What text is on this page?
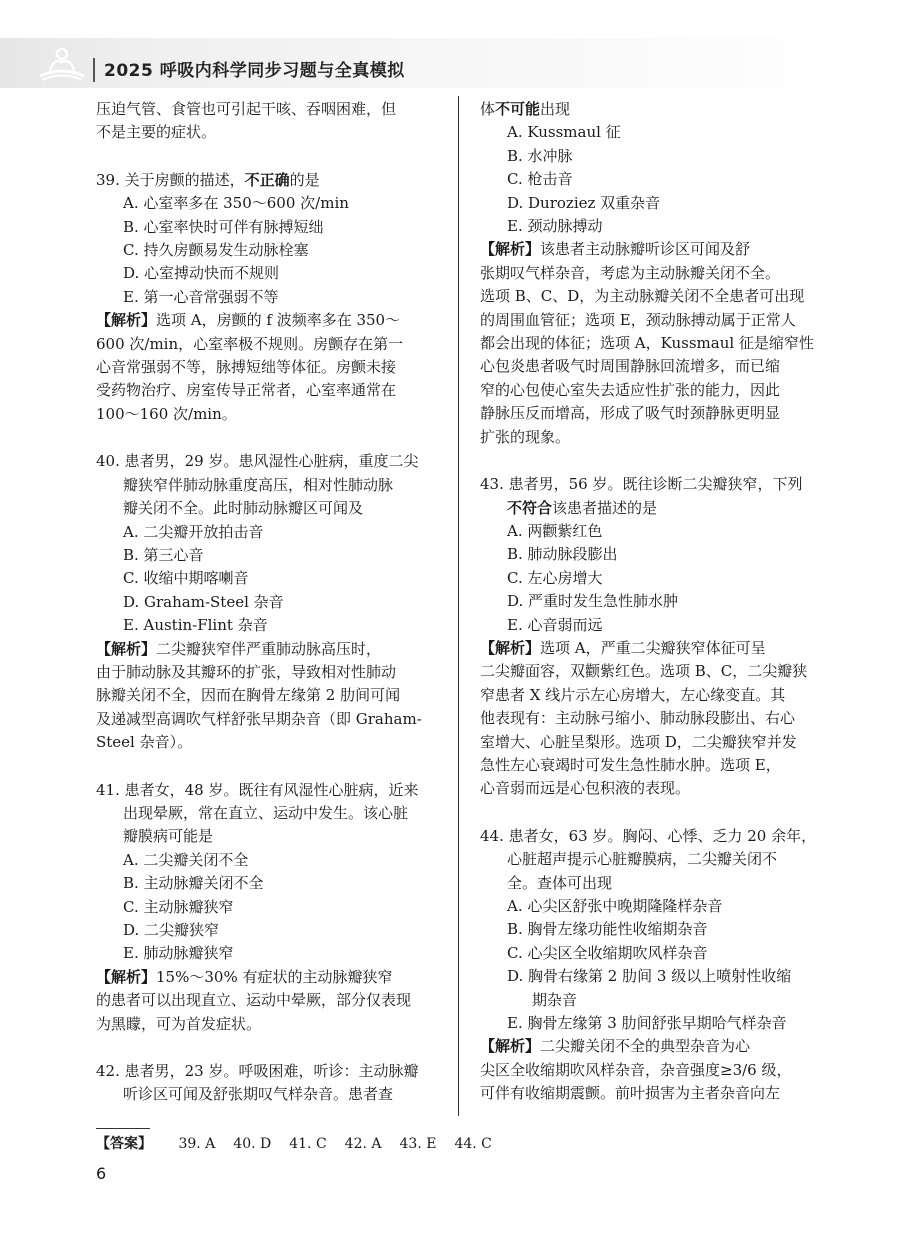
2025 呼吸内科学同步习题与全真模拟
压迫气管、食管也可引起干咳、吞咽困难，但
不是主要的症状。
39. 关于房颤的描述，不正确的是
A. 心室率多在 350～600 次/min
B. 心室率快时可伴有脉搏短绌
C. 持久房颤易发生动脉栓塞
D. 心室搏动快而不规则
E. 第一心音常强弱不等
【解析】选项 A，房颤的 f 波频率多在 350～
600 次/min，心室率极不规则。房颤存在第一
心音常强弱不等，脉搏短绌等体征。房颤未接
受药物治疗、房室传导正常者，心室率通常在
100～160 次/min。
40. 患者男，29 岁。患风湿性心脏病，重度二尖
瓣狭窄伴肺动脉重度高压，相对性肺动脉
瓣关闭不全。此时肺动脉瓣区可闻及
A. 二尖瓣开放拍击音
B. 第三心音
C. 收缩中期喀喇音
D. Graham-Steel 杂音
E. Austin-Flint 杂音
【解析】二尖瓣狭窄伴严重肺动脉高压时，
由于肺动脉及其瓣环的扩张，导致相对性肺动
脉瓣关闭不全，因而在胸骨左缘第 2 肋间可闻
及递减型高调吹气样舒张早期杂音（即 Graham-
Steel 杂音）。
41. 患者女，48 岁。既往有风湿性心脏病，近来
出现晕厥，常在直立、运动中发生。该心脏
瓣膜病可能是
A. 二尖瓣关闭不全
B. 主动脉瓣关闭不全
C. 主动脉瓣狭窄
D. 二尖瓣狭窄
E. 肺动脉瓣狭窄
【解析】15%～30% 有症状的主动脉瓣狭窄
的患者可以出现直立、运动中晕厥，部分仅表现
为黑矇，可为首发症状。
42. 患者男，23 岁。呼吸困难，听诊：主动脉瓣
听诊区可闻及舒张期叹气样杂音。患者查
体不可能出现
A. Kussmaul 征
B. 水冲脉
C. 枪击音
D. Duroziez 双重杂音
E. 颈动脉搏动
【解析】该患者主动脉瓣听诊区可闻及舒
张期叹气样杂音，考虑为主动脉瓣关闭不全。
选项 B、C、D，为主动脉瓣关闭不全患者可出现
的周围血管征；选项 E，颈动脉搏动属于正常人
都会出现的体征；选项 A，Kussmaul 征是缩窄性
心包炎患者吸气时周围静脉回流增多，而已缩
窄的心包使心室失去适应性扩张的能力，因此
静脉压反而增高，形成了吸气时颈静脉更明显
扩张的现象。
43. 患者男，56 岁。既往诊断二尖瓣狭窄，下列
不符合该患者描述的是
A. 两颧紫红色
B. 肺动脉段膨出
C. 左心房增大
D. 严重时发生急性肺水肿
E. 心音弱而远
【解析】选项 A，严重二尖瓣狭窄体征可呈
二尖瓣面容，双颧紫红色。选项 B、C，二尖瓣狭
窄患者 X 线片示左心房增大，左心缘变直。其
他表现有：主动脉弓缩小、肺动脉段膨出、右心
室增大、心脏呈梨形。选项 D，二尖瓣狭窄并发
急性左心衰竭时可发生急性肺水肿。选项 E，
心音弱而远是心包积液的表现。
44. 患者女，63 岁。胸闷、心悸、乏力 20 余年，
心脏超声提示心脏瓣膜病，二尖瓣关闭不
全。查体可出现
A. 心尖区舒张中晚期隆隆样杂音
B. 胸骨左缘功能性收缩期杂音
C. 心尖区全收缩期吹风样杂音
D. 胸骨右缘第 2 肋间 3 级以上喷射性收缩
期杂音
E. 胸骨左缘第 3 肋间舒张早期哈气样杂音
【解析】二尖瓣关闭不全的典型杂音为心
尖区全收缩期吹风样杂音，杂音强度≥3/6 级，
可伴有收缩期震颤。前叶损害为主者杂音向左
【答案】 39. A 40. D 41. C 42. A 43. E 44. C
6
